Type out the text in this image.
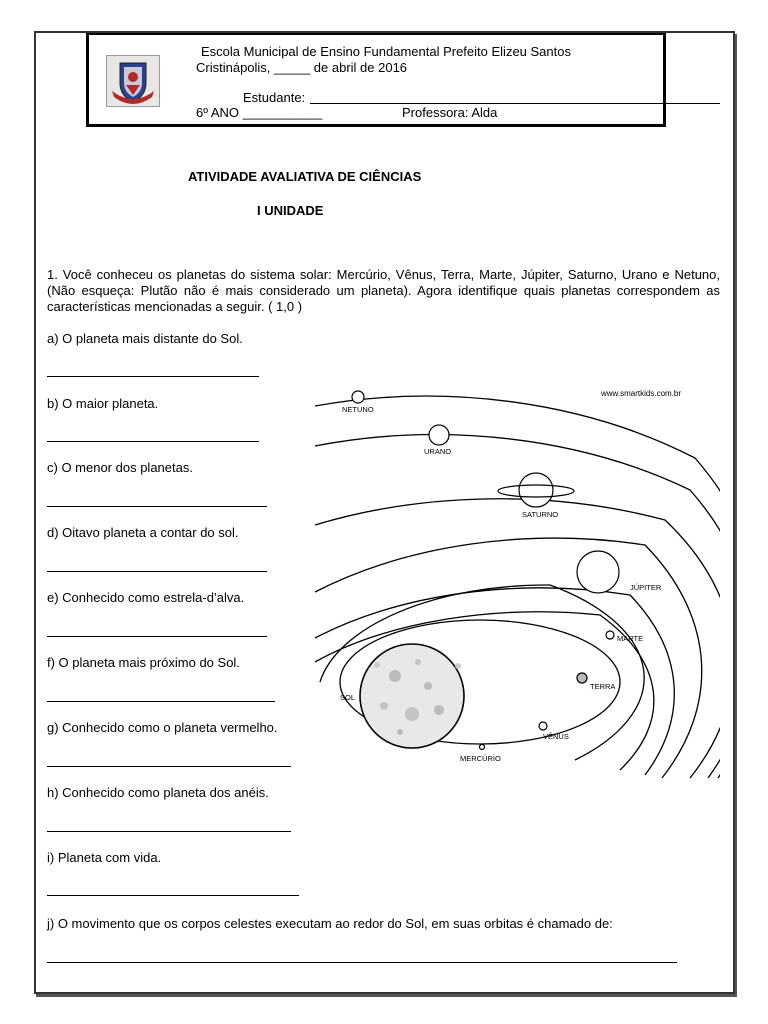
Escola Municipal de Ensino Fundamental Prefeito Elizeu Santos
Cristinápolis, _____ de abril de 2016
Estudante:
6º ANO ___________	Professora: Alda
ATIVIDADE AVALIATIVA DE CIÊNCIAS
I UNIDADE
1. Você conheceu os planetas do sistema solar: Mercúrio, Vênus, Terra, Marte, Júpiter, Saturno, Urano e Netuno, (Não esqueça: Plutão não é mais considerado um planeta). Agora identifique quais planetas correspondem as características mencionadas a seguir. ( 1,0 )
a) O planeta mais distante do Sol.
b) O maior planeta.
c) O menor dos planetas.
d) Oitavo planeta a contar do sol.
e) Conhecido como estrela-d’alva.
f) O planeta mais próximo do Sol.
g) Conhecido como o planeta vermelho.
h) Conhecido como planeta dos anéis.
i) Planeta com vida.
j) O movimento que os corpos celestes executam ao redor do Sol, em suas orbitas é chamado de:
www.smartkids.com.br
NETUNO
URANO
SATURNO
JÚPITER
MARTE
TERRA
VÊNUS
MERCÚRIO
SOL
